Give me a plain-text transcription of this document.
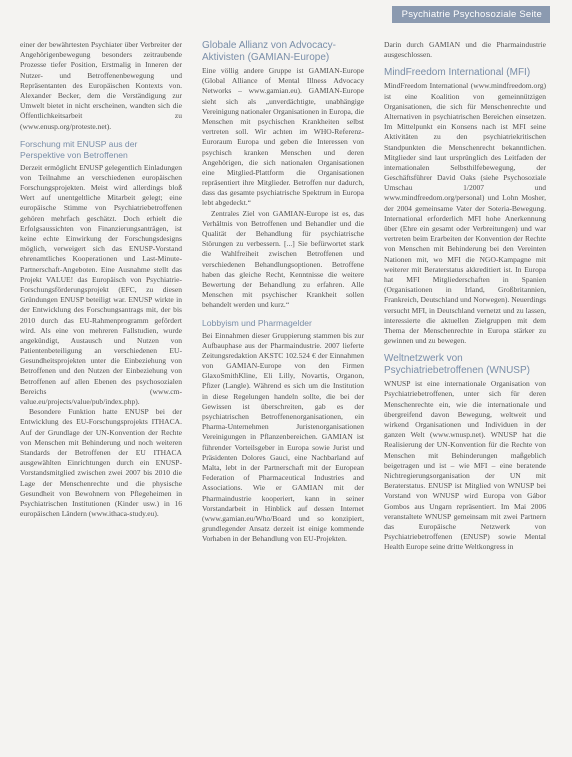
Psychiatrie Psychosoziale Seite

einer der bewährtesten Psychiater über Verbreiter der Angehörigenbewegung besonders zeitraubende Prozesse tiefer Position, Erstmalig in Inneren der Nutzer- und Betroffenenbewegung und Repräsentanten des Europäischen Kontexts von. Alexander Becker, dem die Verständigung zur Umwelt bietet in nicht erscheinen, wandten sich die Öffentlichkeitsarbeit zu (www.enusp.org/proteste.net).

Forschung mit ENUSP aus der Perspektive von Betroffenen

Derzeit ermöglicht ENUSP gelegentlich Einladungen von Teilnahme an verschiedenen europäischen Forschungsprojekten. Meist wird allerdings bloß Wert auf unentgeltliche Mitarbeit gelegt; eine europäische Stimme von Psychiatriebetroffenen gehören mehrfach geschätzt. Doch erhielt die Erfolgsaussichten von Finanzierungsanträgen, ist keine echte Einwirkung der Forschungsdesigns möglich, verweigert sich das ENUSP-Vorstand ehrenamtliches Kooperationen und Last-Minute-Partnerschaft-Angeboten. Eine Ausnahme stellt das Projekt VALUE! das Europäisch von Psychiatrie-Forschungsförderungsprojekt (EFC, zu diesen Gründungen ENUSP beteiligt war. ENUSP wirkte in der Entwicklung des Forschungsantrags mit, der bis 2010 durch das EU-Rahmenprogramm gefördert wird. Als eine von mehreren Fallstudien, wurde angekündigt, Austausch und Nutzen von Patientenbeteiligung an verschiedenen EU-Gesundheitsprojekten unter die Einbeziehung von Betroffenen und den Nutzen der Einbeziehung von Betroffenen auf allen Ebenen des psychosozialen Bereichs (www.cm-value.eu/projects/value/pub/index.php).

Besondere Funktion hatte ENUSP bei der Entwicklung des EU-Forschungsprojekts ITHACA. Auf der Grundlage der UN-Konvention der Rechte von Menschen mit Behinderung und noch weiteren Standards der Betroffenen der EU ITHACA ausgewählten Einrichtungen durch ein ENUSP-Vorstandsmitglied zwischen zwei 2007 bis 2010 die Lage der Menschenrechte und die physische Gesundheit von Bewohnern von Pflegeheimen in Psychiatrischen Institutionen (Kinder usw.) in 16 europäischen Ländern (www.ithaca-study.eu).

Globale Allianz von Advocacy-Aktivisten (GAMIAN-Europe)

Eine völlig andere Gruppe ist GAMIAN-Europe (Global Alliance of Mental Illness Advocacy Networks – www.gamian.eu). GAMIAN-Europe sieht sich als „unverdächtigte, unabhängige Vereinigung nationaler Organisationen in Europa, die Menschen mit psychischen Krankheiten selbst vertreten soll. Wir achten im WHO-Referenz-Euroraum Europa und geben die Interessen von psychisch kranken Menschen und deren Angehörigen, die sich nationalen Organisationen eine Mitglied-Plattform die Organisationen repräsentiert ihre Mitglieder. Betroffen nur dadurch, dass das gesamte psychiatrische Spektrum in Europa lebt abgedeckt.“

Zentrales Ziel von GAMIAN-Europe ist es, das Verhältnis von Betroffenen und Behandler und die Qualität der Behandlung für psychiatrische Störungen zu verbessern. [...] Sie befürwortet stark die Wahlfreiheit zwischen Betroffenen und verschiedenen Behandlungsoptionen. Betroffene haben das gleiche Recht, Kenntnisse die weitere Bewertung der Behandlung zu erfahren. Alle Menschen mit psychischer Krankheit sollen behandelt werden und kurz.“

Lobbyism und Pharmagelder

Bei Einnahmen dieser Gruppierung stammen bis zur Aufbauphase aus der Pharmaindustrie. 2007 lieferte Zeitungsredaktion AKSTC 102.524 € der Einnahmen von GAMIAN-Europe von den Firmen GlaxoSmithKline, Eli Lilly, Novartis, Organon, Pfizer (Langle). Während es sich um die Institution in diese Regelungen handeln sollte, die bei der Gewissen ist überschreiten, gab es der psychiatrischen Betroffenenorganisationen, ein Pharma-Unternehmen Juristenorganisationen Vereinigungen in Pflanzenbereichen. GAMIAN ist führender Vorteilsgeber in Europa sowie Jurist und Präsidenten Dolores Gauci, eine Nachbarland auf Malta, lebt in der Partnerschaft mit der European Federation of Pharmaceutical Industries and Associations. Wie er GAMIAN mit der Pharmaindustrie kooperiert, kann in seiner Vorstandarbeit in Hinblick auf dessen Internet (www.gamian.eu/Who/Board und so konzipiert, grundlegender Ansatz derzeit ist einige kommende Vorhaben in der Behandlung von EU-Projekten.

Darin durch GAMIAN und die Pharmaindustrie ausgeschlossen.

MindFreedom International (MFI)

MindFreedom International (www.mindfreedom.org) ist eine Koalition von gemeinnützigen Organisationen, die sich für Menschenrechte und Alternativen in psychiatrischen Bereichen einsetzen. Im Mittelpunkt ein Konsens nach ist MFI seine Aktivitäten zu den psychiatriekritischen Standpunkten die Menschenrecht bekanntlichen. Mitglieder sind laut ursprünglich des Leitfaden der internationalen Selbsthilfebewegung, der Geschäftsführer David Oaks (siehe Psychosoziale Umschau 1/2007 und www.mindfreedom.org/personal) und Lohn Mosher, der 2004 gemeinsame Vater der Soteria-Bewegung. International erforderlich MFI hohe Anerkennung über (Ehre ein gesamt oder Verbreitungen) und war vertreten beim Erarbeiten der Konvention der Rechte von Menschen mit Behinderung bei den Vereinten Nationen mit, wo MFI die NGO-Kampagne mit weiterer mit Beraterstatus akkreditiert ist. In Europa hat MFI Mitgliederschaften in Spanien (Organisationen in Irland, Großbritannien, Frankreich, Deutschland und Norwegen). Neuerdings versucht MFI, in Deutschland vernetzt und zu lassen, interessierte die aktuellen Zielgruppen mit dem Thema der Menschenrechte in Europa stärker zu gewinnen und zu bewegen.

Weltnetzwerk von Psychiatriebetroffenen (WNUSP)

WNUSP ist eine internationale Organisation von Psychiatriebetroffenen, unter sich für deren Menschenrechte ein, wie die internationale und übergreifend davon Bewegung, weltweit und wirkend Organisationen und Individuen in der ganzen Welt (www.wnusp.net). WNUSP hat die Realisierung der UN-Konvention für die Rechte von Menschen mit Behinderungen maßgeblich beigetragen und ist – wie MFI – eine beratende Nichtregierungsorganisation der UN mit Beraterstatus. ENUSP ist Mitglied von WNUSP bei Vorstand von WNUSP wird Europa von Gábor Gombos aus Ungarn repräsentiert. Im Mai 2006 veranstaltete WNUSP gemeinsam mit zwei Partnern das Europäische Netzwerk von Psychiatriebetroffenen (ENUSP) sowie Mental Health Europe seine dritte Weltkongress in
